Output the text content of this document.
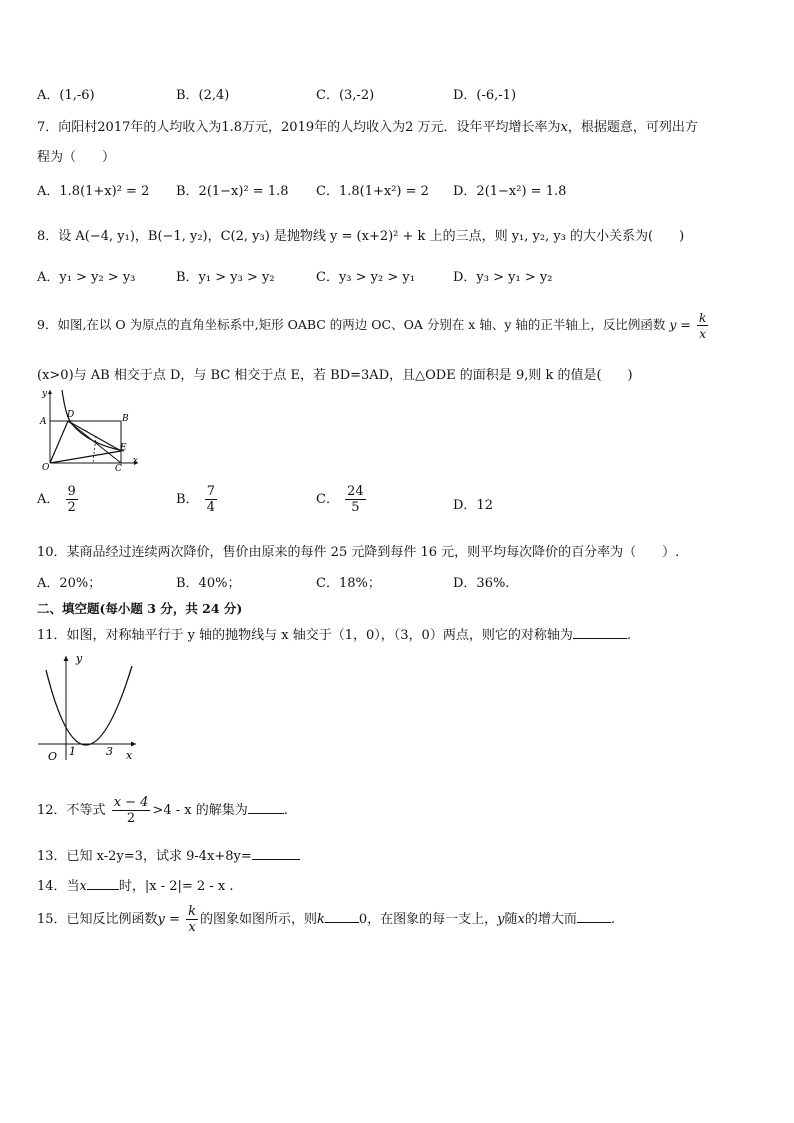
A．(1,-6)	B．(2,4)	C．(3,-2)	D．(-6,-1)
7．向阳村2017年的人均收入为1.8万元，2019年的人均收入为2 万元．设年平均增长率为x，根据题意，可列出方
程为（　　）
A．1.8(1+x)² = 2 B．2(1−x)² = 1.8 C．1.8(1+x²) = 2 D．2(1−x²) = 1.8
8．设 A(−4, y₁)，B(−1, y₂)，C(2, y₃) 是抛物线 y = (x+2)² + k 上的三点，则 y₁, y₂, y₃ 的大小关系为(　　)
A．y₁ > y₂ > y₃	B．y₁ > y₃ > y₂	C．y₃ > y₂ > y₁	D．y₃ > y₁ > y₂
9．如图,在以 O 为原点的直角坐标系中,矩形 OABC 的两边 OC、OA 分别在 x 轴、y 轴的正半轴上，反比例函数 $y = \frac{k}{x}$
(x>0)与 AB 相交于点 D，与 BC 相交于点 E，若 BD=3AD，且△ODE 的面积是 9,则 k 的值是(　　)
y
A
D	B
E
O	C
x
A． $\frac{9}{2}$	B． $\frac{7}{4}$	C． $\frac{24}{5}$	D．12
10．某商品经过连续两次降价，售价由原来的每件 25 元降到每件 16 元，则平均每次降价的百分率为（　　）.
A．20%；	B．40%；	C．18%；	D．36%.
二、填空题(每小题 3 分，共 24 分)
11．如图，对称轴平行于 y 轴的抛物线与 x 轴交于（1，0），（3，0）两点，则它的对称轴为	.
y
O 1	3 x
12．不等式 $\frac{x - 4}{2} >4 - x$ 的解集为	.
13．已知 x-2y=3，试求 9-4x+8y=
14．当x 时，|x - 2|= 2 - x .
15．已知反比例函数$y = \frac{k}{x}$ 的图象如图所示，则k	0，在图象的每一支上，y随x的增大而	.
